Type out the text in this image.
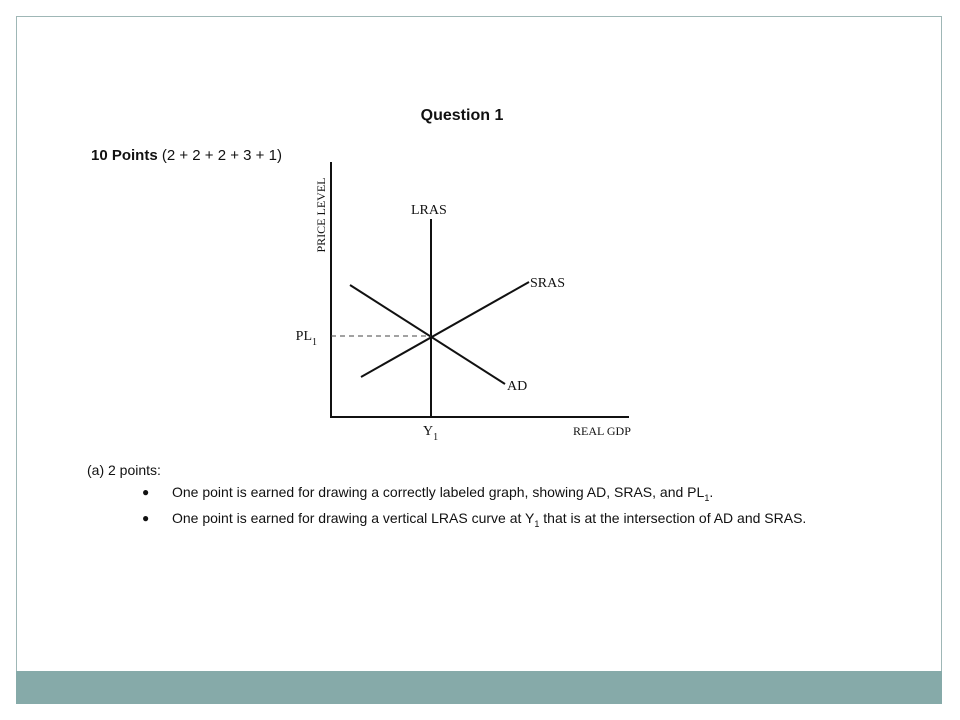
Question 1
10 Points (2 + 2 + 2 + 3 + 1)
PRICE LEVEL	LRAS
SRAS
AD
$PL_1$
$Y_1$	REAL GDP
(a) 2 points:
● One point is earned for drawing a correctly labeled graph, showing AD, SRAS, and $PL_1$.
● One point is earned for drawing a vertical LRAS curve at $Y_1$ that is at the intersection of AD and SRAS.
